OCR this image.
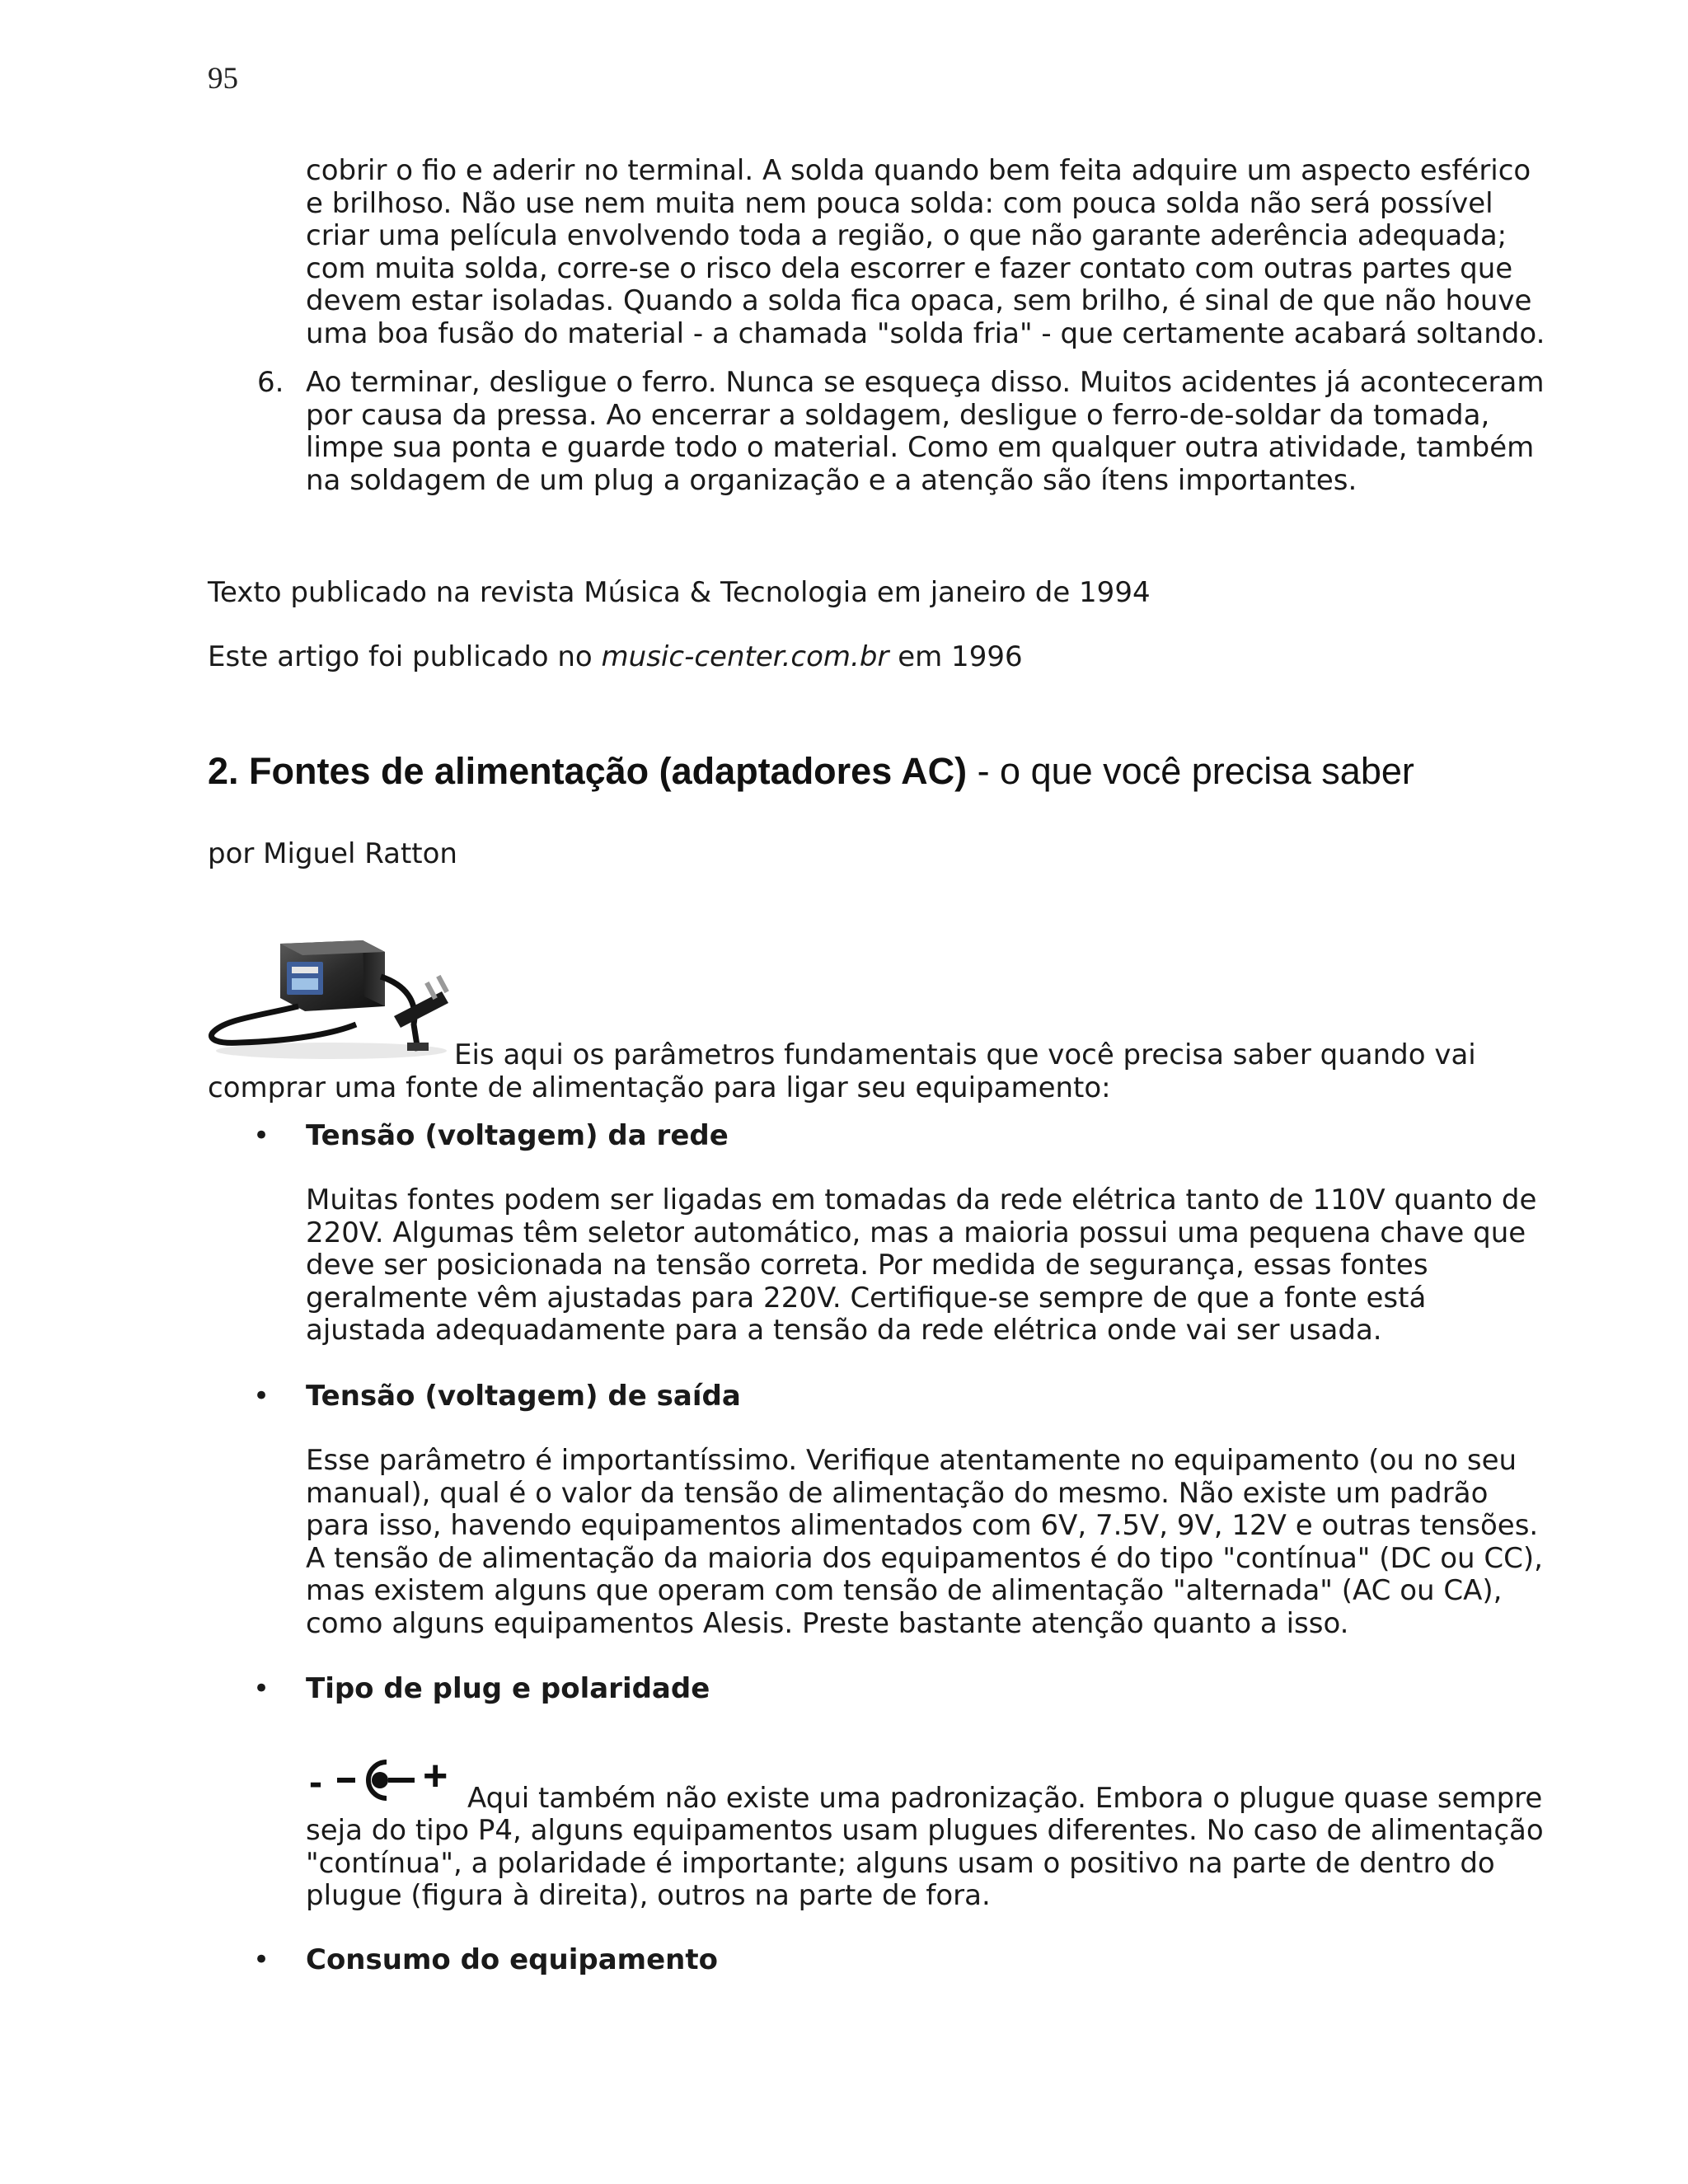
95
cobrir o fio e aderir no terminal. A solda quando bem feita adquire um aspecto esférico
e brilhoso. Não use nem muita nem pouca solda: com pouca solda não será possível
criar uma película envolvendo toda a região, o que não garante aderência adequada;
com muita solda, corre-se o risco dela escorrer e fazer contato com outras partes que
devem estar isoladas. Quando a solda fica opaca, sem brilho, é sinal de que não houve
uma boa fusão do material - a chamada "solda fria" - que certamente acabará soltando.
6. Ao terminar, desligue o ferro. Nunca se esqueça disso. Muitos acidentes já aconteceram
por causa da pressa. Ao encerrar a soldagem, desligue o ferro-de-soldar da tomada,
limpe sua ponta e guarde todo o material. Como em qualquer outra atividade, também
na soldagem de um plug a organização e a atenção são ítens importantes.
Texto publicado na revista Música & Tecnologia em janeiro de 1994
Este artigo foi publicado no music-center.com.br em 1996
2. Fontes de alimentação (adaptadores AC) - o que você precisa saber
por Miguel Ratton
Eis aqui os parâmetros fundamentais que você precisa saber quando vai
comprar uma fonte de alimentação para ligar seu equipamento:
• Tensão (voltagem) da rede
Muitas fontes podem ser ligadas em tomadas da rede elétrica tanto de 110V quanto de
220V. Algumas têm seletor automático, mas a maioria possui uma pequena chave que
deve ser posicionada na tensão correta. Por medida de segurança, essas fontes
geralmente vêm ajustadas para 220V. Certifique-se sempre de que a fonte está
ajustada adequadamente para a tensão da rede elétrica onde vai ser usada.
• Tensão (voltagem) de saída
Esse parâmetro é importantíssimo. Verifique atentamente no equipamento (ou no seu
manual), qual é o valor da tensão de alimentação do mesmo. Não existe um padrão
para isso, havendo equipamentos alimentados com 6V, 7.5V, 9V, 12V e outras tensões.
A tensão de alimentação da maioria dos equipamentos é do tipo "contínua" (DC ou CC),
mas existem alguns que operam com tensão de alimentação "alternada" (AC ou CA),
como alguns equipamentos Alesis. Preste bastante atenção quanto a isso.
• Tipo de plug e polaridade
- + Aqui também não existe uma padronização. Embora o plugue quase sempre
seja do tipo P4, alguns equipamentos usam plugues diferentes. No caso de alimentação
"contínua", a polaridade é importante; alguns usam o positivo na parte de dentro do
plugue (figura à direita), outros na parte de fora.
• Consumo do equipamento
